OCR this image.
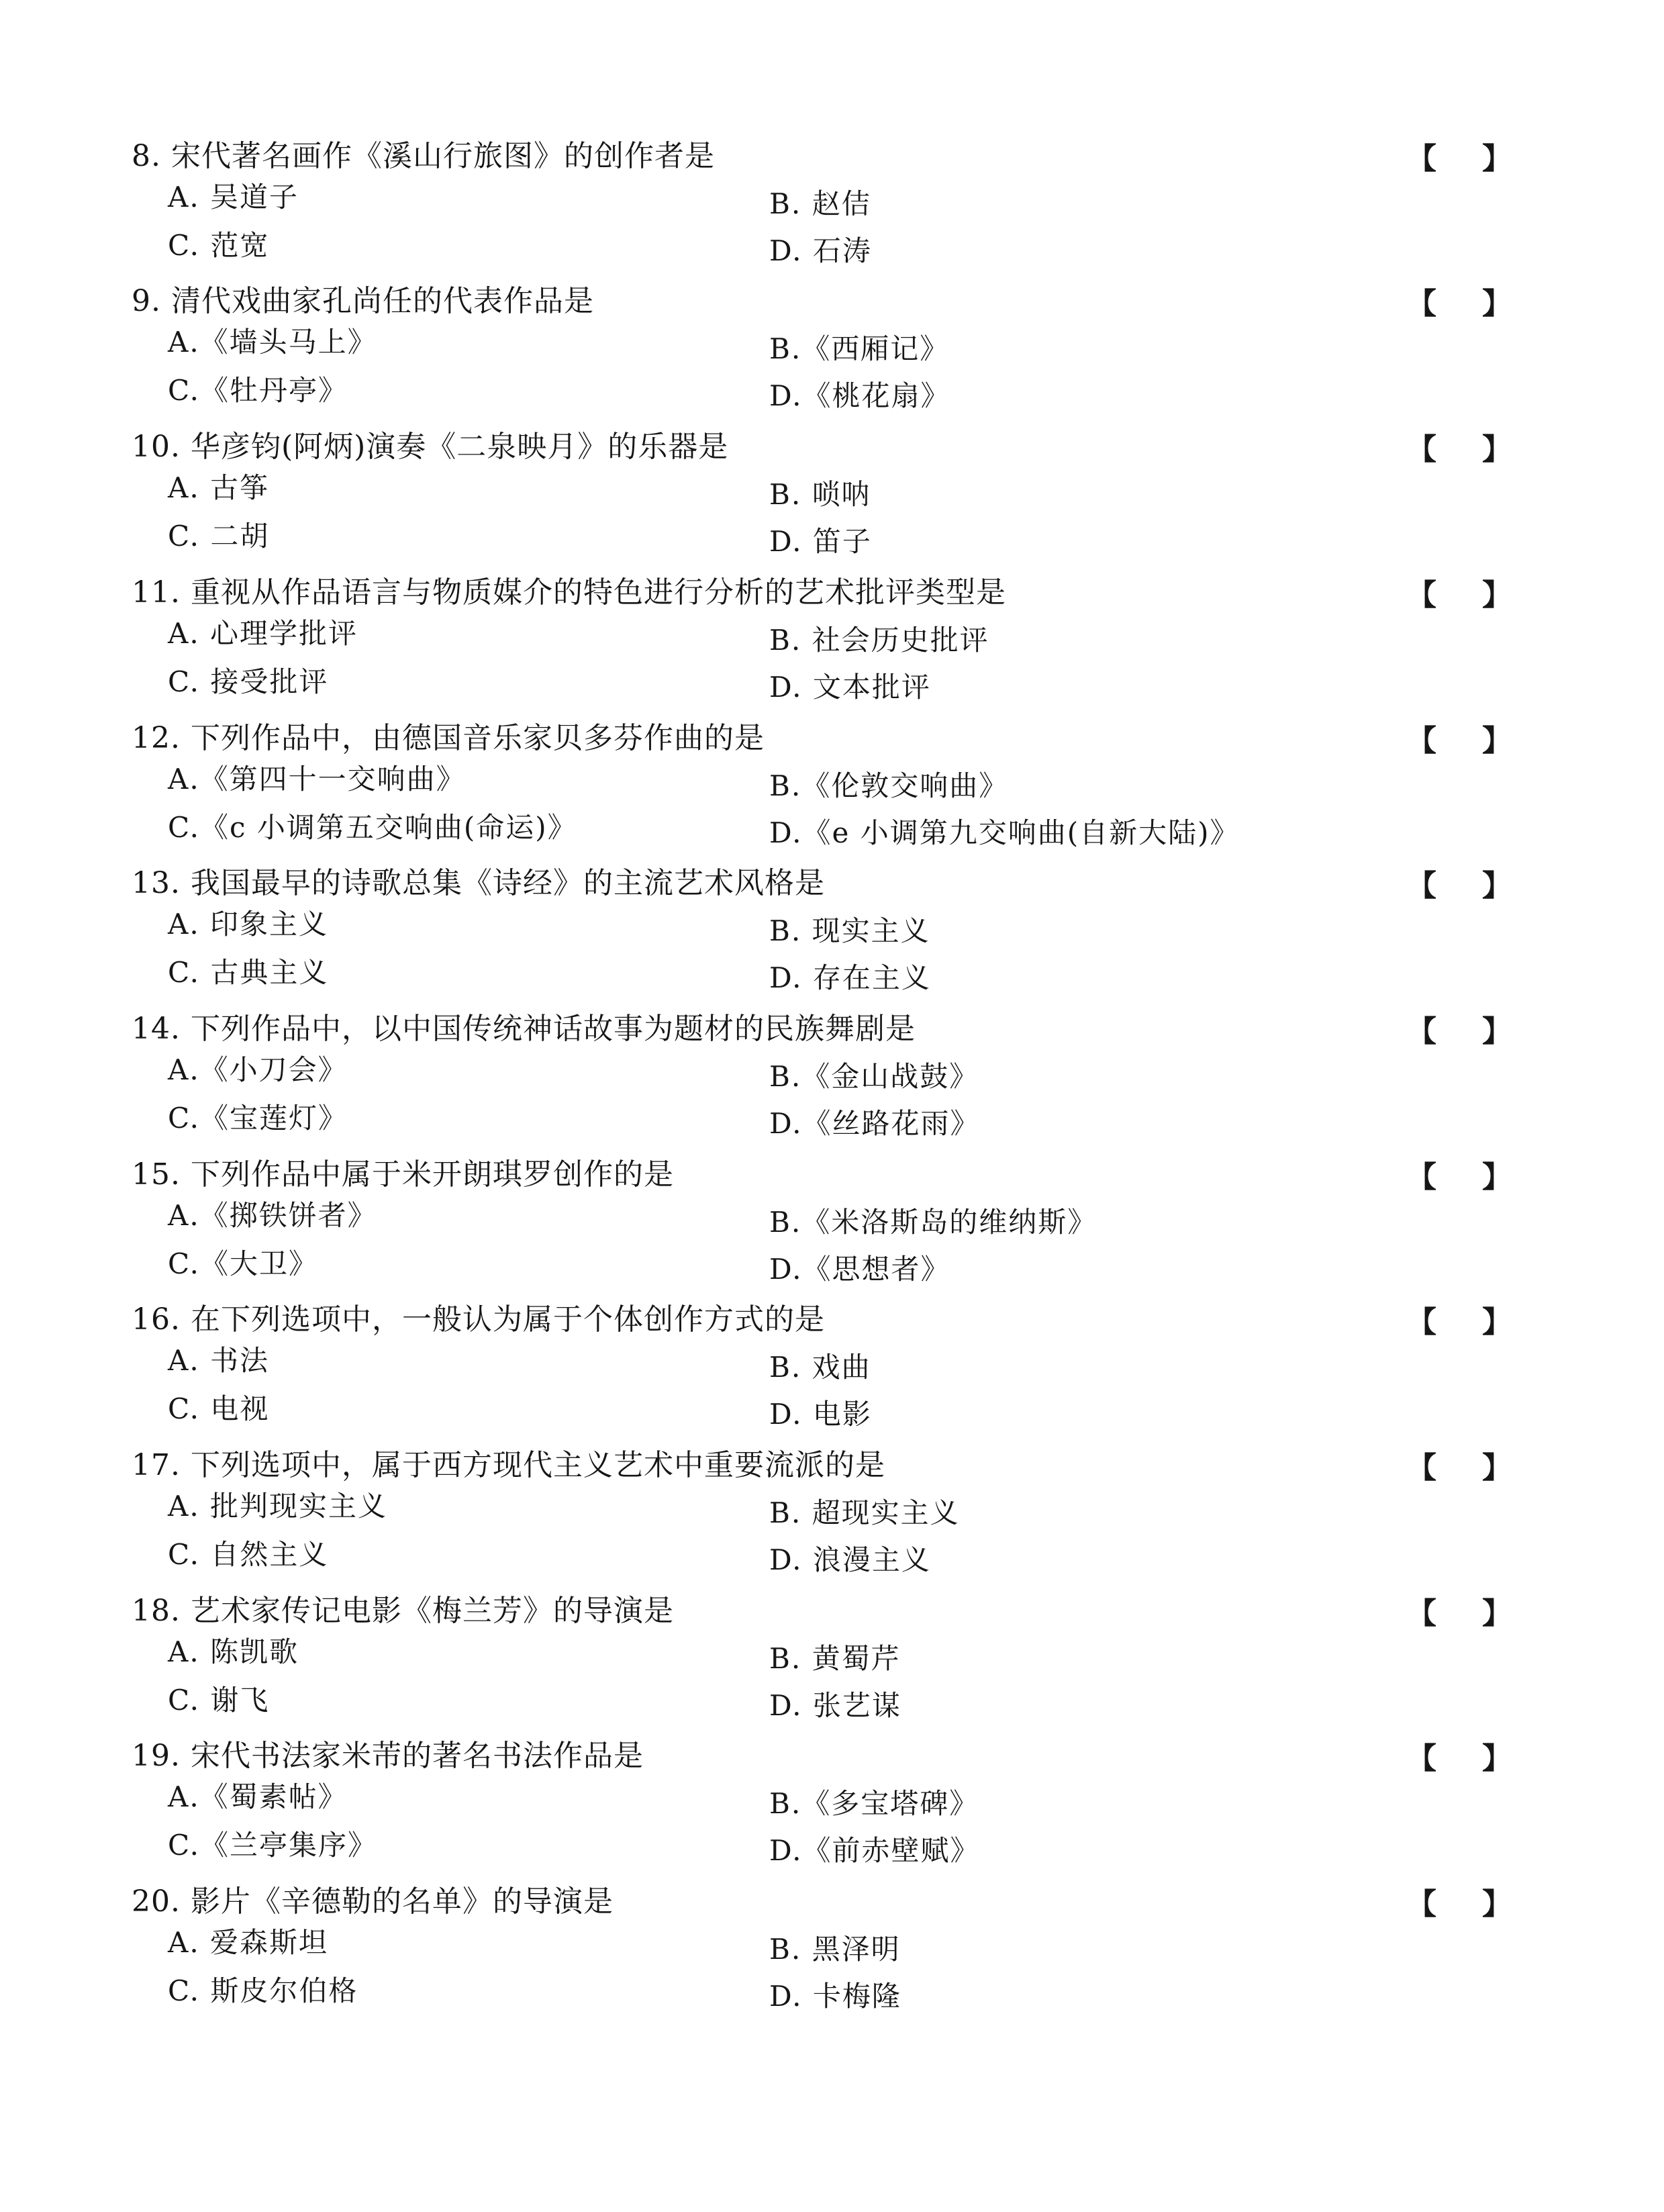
8. 宋代著名画作《溪山行旅图》的创作者是	【 】
A. 吴道子	B. 赵佶
C. 范宽	D. 石涛
9. 清代戏曲家孔尚任的代表作品是	【 】
A.《墙头马上》	B.《西厢记》
C.《牡丹亭》	D.《桃花扇》
10. 华彦钧(阿炳)演奏《二泉映月》的乐器是	【 】
A. 古筝	B. 唢呐
C. 二胡	D. 笛子
11. 重视从作品语言与物质媒介的特色进行分析的艺术批评类型是	【 】
A. 心理学批评	B. 社会历史批评
C. 接受批评	D. 文本批评
12. 下列作品中，由德国音乐家贝多芬作曲的是	【 】
A.《第四十一交响曲》	B.《伦敦交响曲》
C.《c 小调第五交响曲(命运)》	D.《e 小调第九交响曲(自新大陆)》
13. 我国最早的诗歌总集《诗经》的主流艺术风格是	【 】
A. 印象主义	B. 现实主义
C. 古典主义	D. 存在主义
14. 下列作品中，以中国传统神话故事为题材的民族舞剧是	【 】
A.《小刀会》	B.《金山战鼓》
C.《宝莲灯》	D.《丝路花雨》
15. 下列作品中属于米开朗琪罗创作的是	【 】
A.《掷铁饼者》	B.《米洛斯岛的维纳斯》
C.《大卫》	D.《思想者》
16. 在下列选项中，一般认为属于个体创作方式的是	【 】
A. 书法	B. 戏曲
C. 电视	D. 电影
17. 下列选项中，属于西方现代主义艺术中重要流派的是	【 】
A. 批判现实主义	B. 超现实主义
C. 自然主义	D. 浪漫主义
18. 艺术家传记电影《梅兰芳》的导演是	【 】
A. 陈凯歌	B. 黄蜀芹
C. 谢飞	D. 张艺谋
19. 宋代书法家米芾的著名书法作品是	【 】
A.《蜀素帖》	B.《多宝塔碑》
C.《兰亭集序》	D.《前赤壁赋》
20. 影片《辛德勒的名单》的导演是	【 】
A. 爱森斯坦	B. 黑泽明
C. 斯皮尔伯格	D. 卡梅隆
